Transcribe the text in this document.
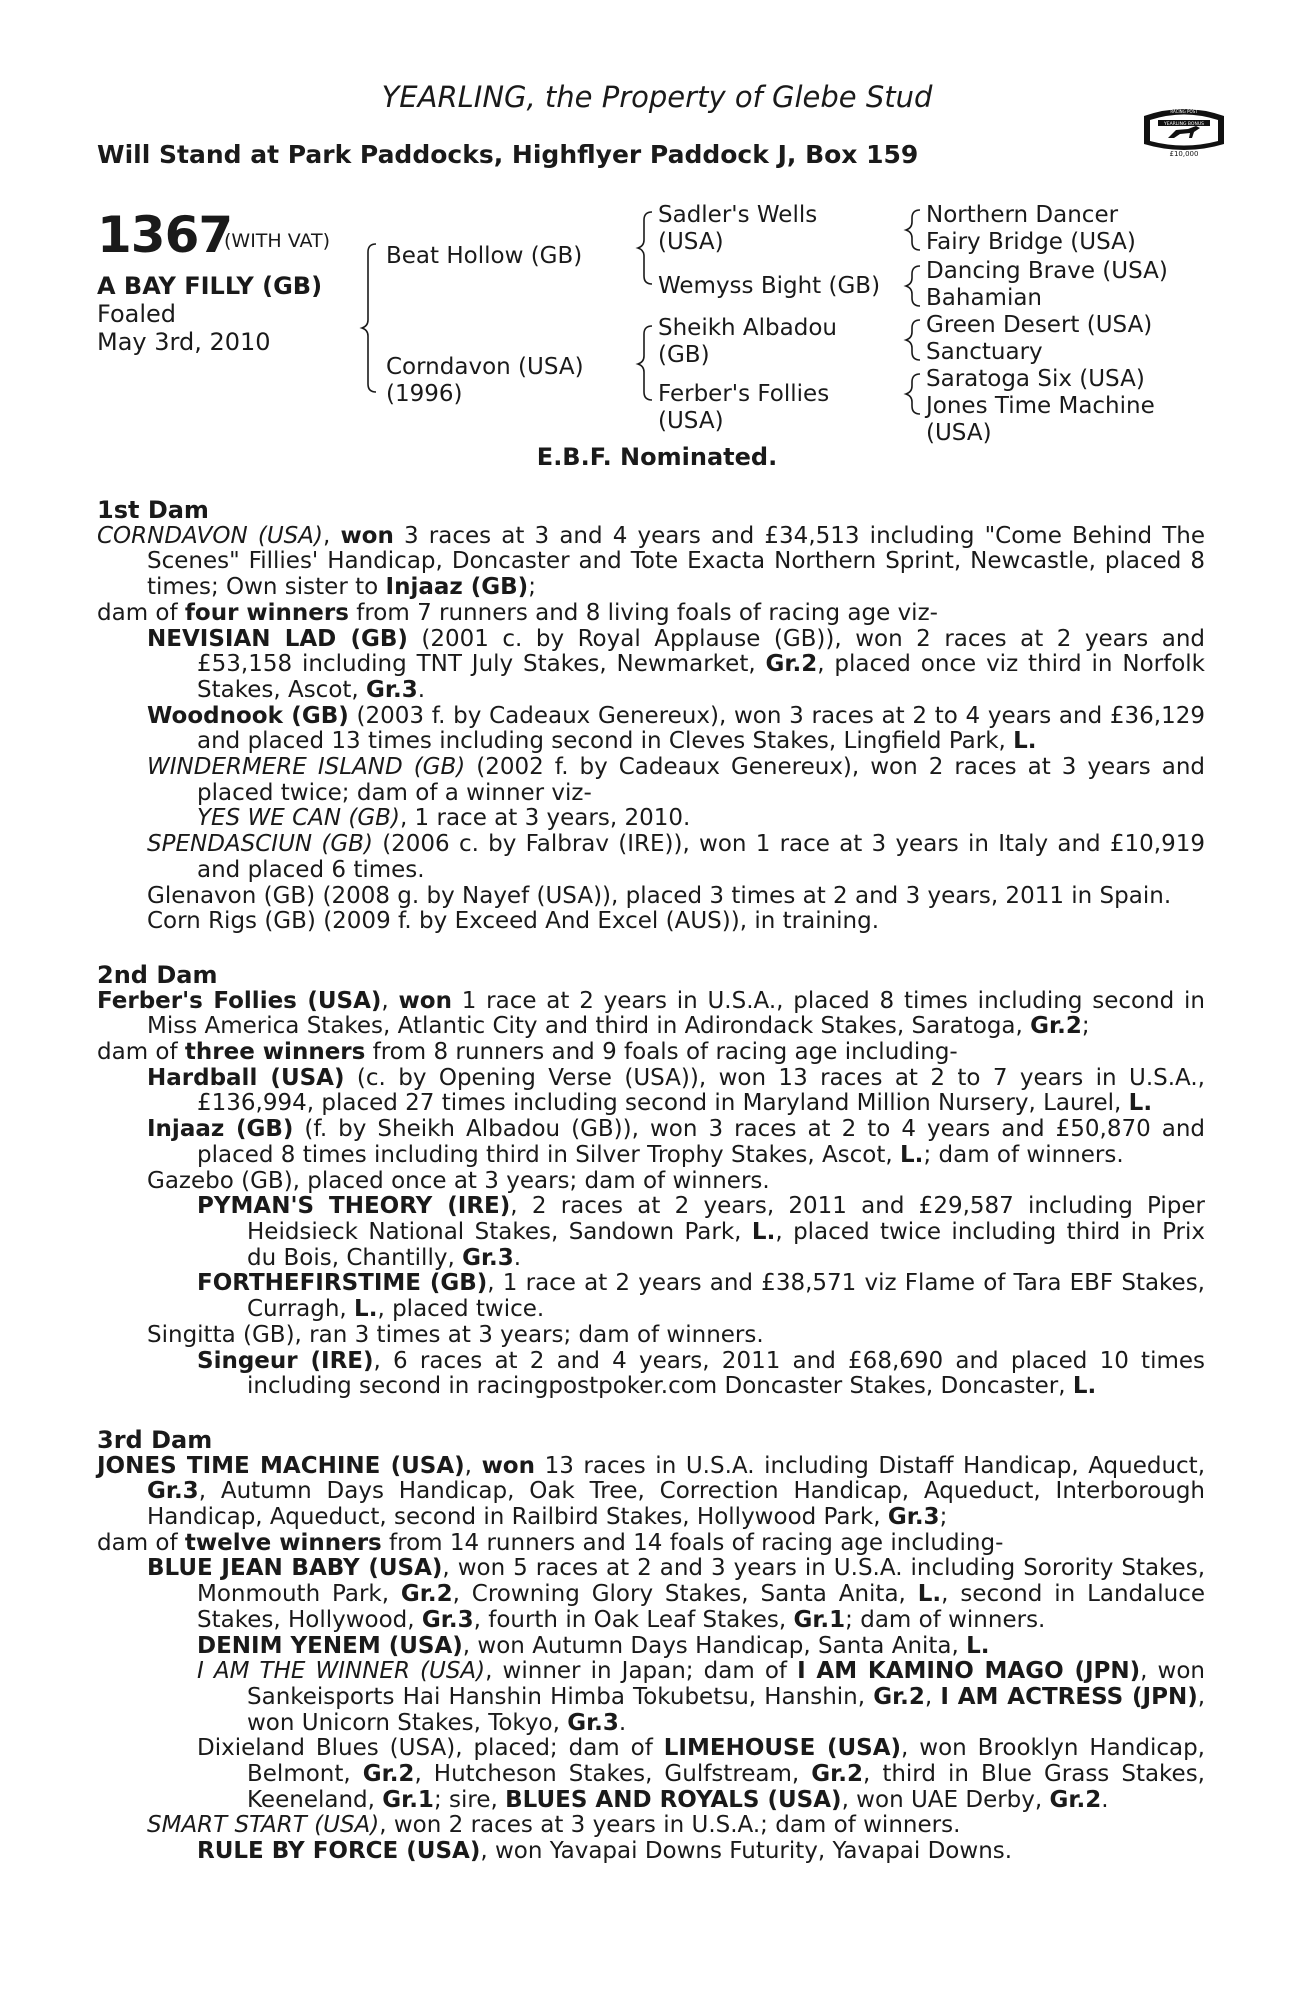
YEARLING, the Property of Glebe Stud
Will Stand at Park Paddocks, Highflyer Paddock J, Box 159
RACING POST
YEARLING BONUS
£10,000
1367
(WITH VAT)
A BAY FILLY (GB)
Foaled
May 3rd, 2010
Beat Hollow (GB)
Corndavon (USA)
(1996)
Sadler's Wells
(USA)
Wemyss Bight (GB)
Sheikh Albadou
(GB)
Ferber's Follies
(USA)
Northern Dancer
Fairy Bridge (USA)
Dancing Brave (USA)
Bahamian
Green Desert (USA)
Sanctuary
Saratoga Six (USA)
Jones Time Machine
(USA)
E.B.F. Nominated.
1st Dam

CORNDAVON (USA), won 3 races at 3 and 4 years and £34,513 including "Come Behind The Scenes" Fillies' Handicap, Doncaster and Tote Exacta Northern Sprint, Newcastle, placed 8 times; Own sister to Injaaz (GB);

dam of four winners from 7 runners and 8 living foals of racing age viz-

NEVISIAN LAD (GB) (2001 c. by Royal Applause (GB)), won 2 races at 2 years and £53,158 including TNT July Stakes, Newmarket, Gr.2, placed once viz third in Norfolk Stakes, Ascot, Gr.3.

Woodnook (GB) (2003 f. by Cadeaux Genereux), won 3 races at 2 to 4 years and £36,129 and placed 13 times including second in Cleves Stakes, Lingfield Park, L.

WINDERMERE ISLAND (GB) (2002 f. by Cadeaux Genereux), won 2 races at 3 years and placed twice; dam of a winner viz-

YES WE CAN (GB), 1 race at 3 years, 2010.

SPENDASCIUN (GB) (2006 c. by Falbrav (IRE)), won 1 race at 3 years in Italy and £10,919 and placed 6 times.

Glenavon (GB) (2008 g. by Nayef (USA)), placed 3 times at 2 and 3 years, 2011 in Spain.

Corn Rigs (GB) (2009 f. by Exceed And Excel (AUS)), in training.

2nd Dam

Ferber's Follies (USA), won 1 race at 2 years in U.S.A., placed 8 times including second in Miss America Stakes, Atlantic City and third in Adirondack Stakes, Saratoga, Gr.2;

dam of three winners from 8 runners and 9 foals of racing age including-

Hardball (USA) (c. by Opening Verse (USA)), won 13 races at 2 to 7 years in U.S.A., £136,994, placed 27 times including second in Maryland Million Nursery, Laurel, L.

Injaaz (GB) (f. by Sheikh Albadou (GB)), won 3 races at 2 to 4 years and £50,870 and placed 8 times including third in Silver Trophy Stakes, Ascot, L.; dam of winners.

Gazebo (GB), placed once at 3 years; dam of winners.

PYMAN'S THEORY (IRE), 2 races at 2 years, 2011 and £29,587 including Piper Heidsieck National Stakes, Sandown Park, L., placed twice including third in Prix du Bois, Chantilly, Gr.3.

FORTHEFIRSTIME (GB), 1 race at 2 years and £38,571 viz Flame of Tara EBF Stakes, Curragh, L., placed twice.

Singitta (GB), ran 3 times at 3 years; dam of winners.

Singeur (IRE), 6 races at 2 and 4 years, 2011 and £68,690 and placed 10 times including second in racingpostpoker.com Doncaster Stakes, Doncaster, L.

3rd Dam

JONES TIME MACHINE (USA), won 13 races in U.S.A. including Distaff Handicap, Aqueduct, Gr.3, Autumn Days Handicap, Oak Tree, Correction Handicap, Aqueduct, Interborough Handicap, Aqueduct, second in Railbird Stakes, Hollywood Park, Gr.3;

dam of twelve winners from 14 runners and 14 foals of racing age including-

BLUE JEAN BABY (USA), won 5 races at 2 and 3 years in U.S.A. including Sorority Stakes, Monmouth Park, Gr.2, Crowning Glory Stakes, Santa Anita, L., second in Landaluce Stakes, Hollywood, Gr.3, fourth in Oak Leaf Stakes, Gr.1; dam of winners.

DENIM YENEM (USA), won Autumn Days Handicap, Santa Anita, L.

I AM THE WINNER (USA), winner in Japan; dam of I AM KAMINO MAGO (JPN), won Sankeisports Hai Hanshin Himba Tokubetsu, Hanshin, Gr.2, I AM ACTRESS (JPN), won Unicorn Stakes, Tokyo, Gr.3.

Dixieland Blues (USA), placed; dam of LIMEHOUSE (USA), won Brooklyn Handicap, Belmont, Gr.2, Hutcheson Stakes, Gulfstream, Gr.2, third in Blue Grass Stakes, Keeneland, Gr.1; sire, BLUES AND ROYALS (USA), won UAE Derby, Gr.2.

SMART START (USA), won 2 races at 3 years in U.S.A.; dam of winners.

RULE BY FORCE (USA), won Yavapai Downs Futurity, Yavapai Downs.
